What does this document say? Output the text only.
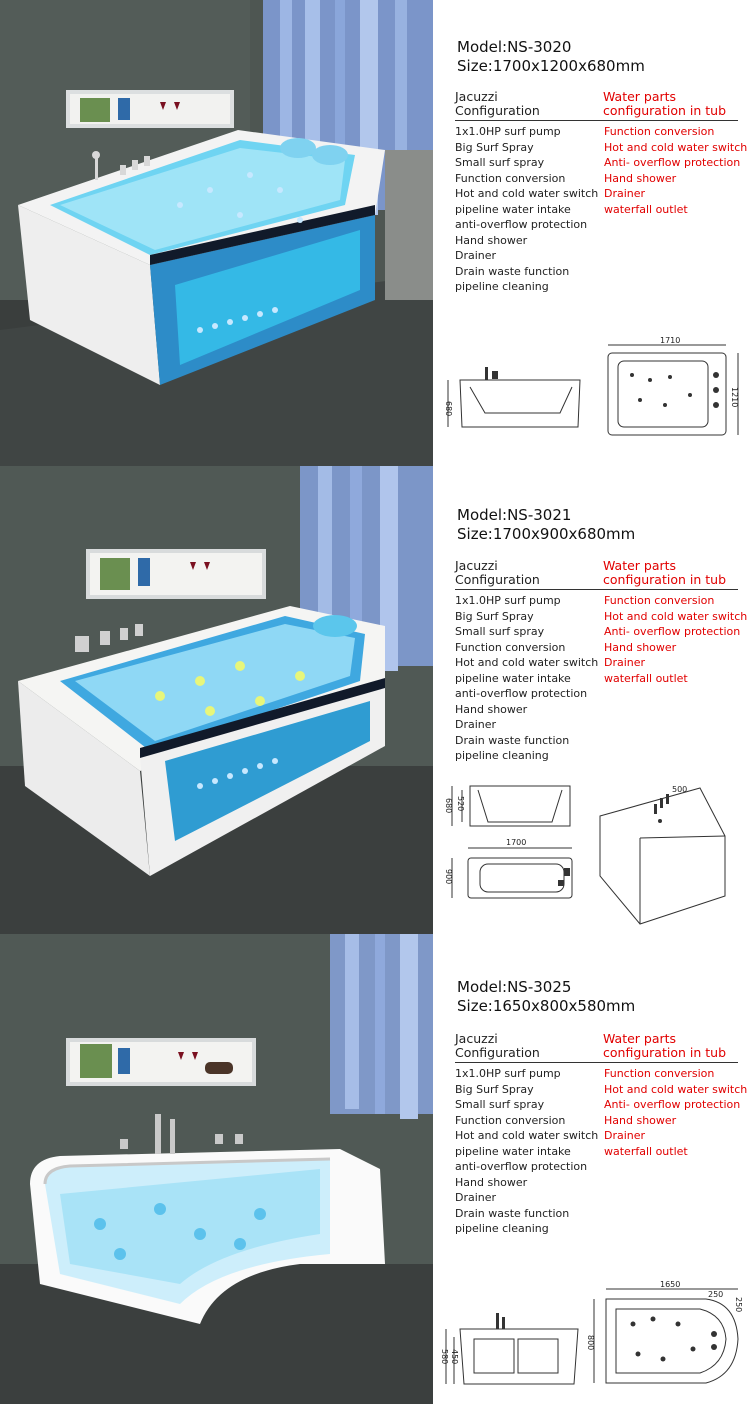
Model:NS-3020
Size:1700x1200x680mm
Jacuzzi
Configuration
Water parts
configuration in tub
1x1.0HP surf pump
Big Surf Spray
Small surf spray
Function conversion
Hot and cold water switch
pipeline water intake
anti-overflow protection
Hand shower
Drainer
Drain waste function
pipeline cleaning
Function conversion
Hot and cold water switch
Anti- overflow protection
Hand shower
Drainer
waterfall outlet
680
1710
1210
Model:NS-3021
Size:1700x900x680mm
Jacuzzi
Configuration
Water parts
configuration in tub
1x1.0HP surf pump
Big Surf Spray
Small surf spray
Function conversion
Hot and cold water switch
pipeline water intake
anti-overflow protection
Hand shower
Drainer
Drain waste function
pipeline cleaning
Function conversion
Hot and cold water switch
Anti- overflow protection
Hand shower
Drainer
waterfall outlet
680 520
1700
900
500
Model:NS-3025
Size:1650x800x580mm
Jacuzzi
Configuration
Water parts
configuration in tub
1x1.0HP surf pump
Big Surf Spray
Small surf spray
Function conversion
Hot and cold water switch
pipeline water intake
anti-overflow protection
Hand shower
Drainer
Drain waste function
pipeline cleaning
Function conversion
Hot and cold water switch
Anti- overflow protection
Hand shower
Drainer
waterfall outlet
580 450
1650
800
250
250
